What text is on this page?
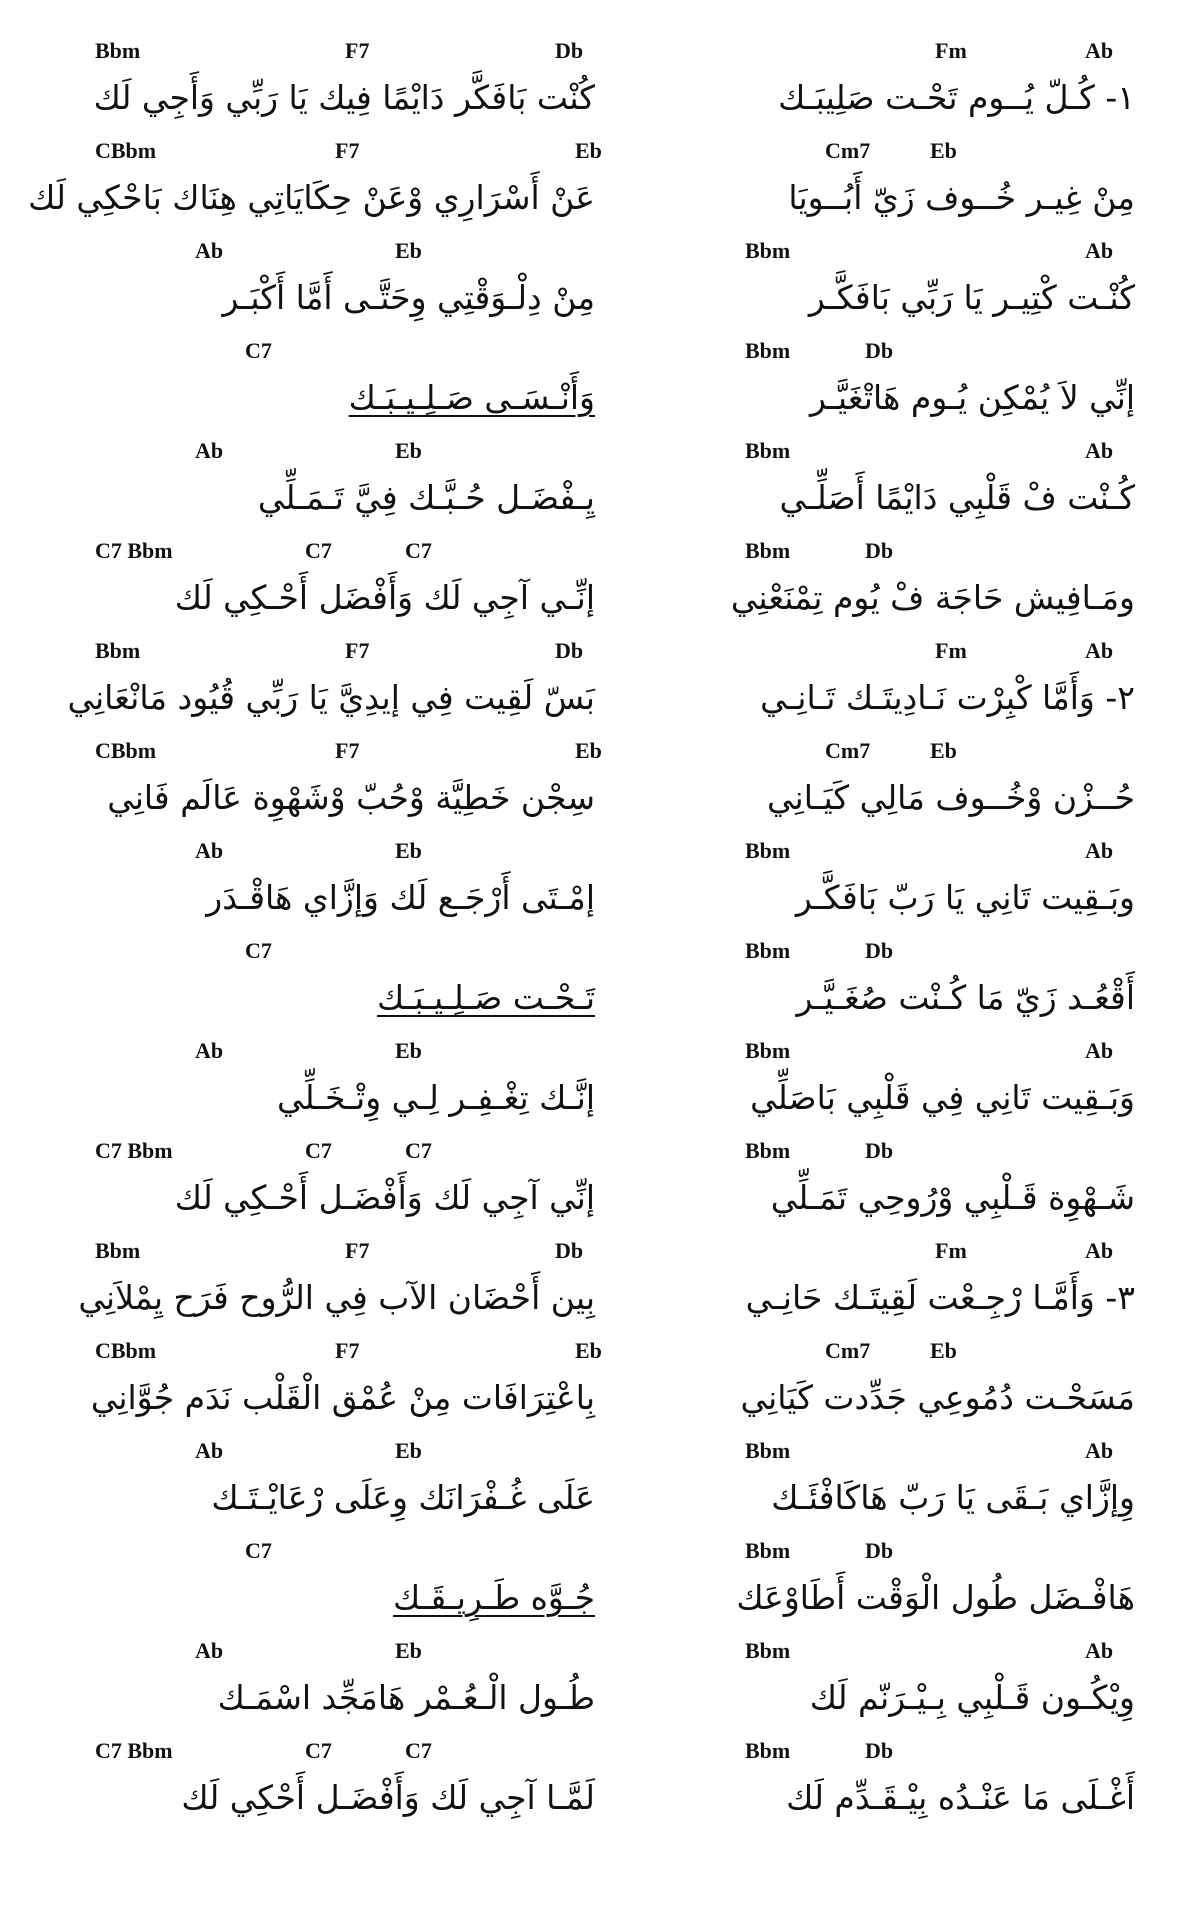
Fm	Ab
١- كُـلّ يُــوم تَحْـت صَلِيبَـك
Cm7	Eb
مِنْ غِيـر خُــوف زَيّ أَبُــويَا
Bbm	Ab
كُنْـت كْتِيـر يَا رَبِّي بَافَكَّـر
Bbm	Db
إنِّي لاَ يُمْكِن يُـوم هَاتْغَيَّـر
Bbm	Ab
كُـنْت فْ قَلْبِي دَايْمًا أَصَلِّـي
Bbm	Db
ومَـافِيش حَاجَة فْ يُوم تِمْنَعْنِي
Fm	Ab
٢- وَأَمَّا كْبِرْت نَـادِيتَـك تَـانِـي
Cm7	Eb
حُــزْن وْخُــوف مَالِي كَيَـانِي
Bbm	Ab
وبَـقِيت تَانِي يَا رَبّ بَافَكَّـر
Bbm	Db
أَقْعُـد زَيّ مَا كُـنْت صُغَـيَّـر
Bbm	Ab
وَبَـقِيت تَانِي فِي قَلْبِي بَاصَلِّي
Bbm	Db
شَـهْوِة قَـلْبِي وْرُوحِي تَمَـلِّي
Fm	Ab
٣- وَأَمَّـا رْجِـعْت لَقِيتَـك حَانِـي
Cm7	Eb
مَسَحْـت دُمُوعِي جَدِّدت كَيَانِي
Bbm	Ab
وِإزَّاي بَـقَى يَا رَبّ هَاكَافْئَـك
Bbm	Db
هَافْـضَل طُول الْوَقْت أَطَاوْعَك
Bbm	Ab
وِيْكُـون قَـلْبِي بِـيْـرَنّم لَك
Bbm	Db
أَغْـلَى مَا عَنْـدُه بِيْـقَـدِّم لَك
Bbm	F7	Db
كُنْت بَافَكَّر دَايْمًا فِيك يَا رَبِّي وَأَجِي لَك
CBbm	F7	Eb
عَنْ أَسْرَارِي وْعَنْ حِكَايَاتِي هِنَاك بَاحْكِي لَك
Ab	Eb
مِنْ دِلْـوَقْتِي وِحَتَّـى أَمَّا أَكْبَـر
C7
وَأَنْـسَـى صَـلِـيـبَـك
Ab	Eb
يِـفْضَـل حُـبَّـك فِيَّ تَـمَـلِّي
C7 Bbm	C7	C7
إنِّـي آجِي لَك وَأَفْضَل أَحْـكِي لَك
Bbm	F7	Db
بَسّ لَقِيت فِي إيدِيَّ يَا رَبِّي قُيُود مَانْعَانِي
CBbm	F7	Eb
سِجْن خَطِيَّة وْحُبّ وْشَهْوِة عَالَم فَانِي
Ab	Eb
إمْـتَى أَرْجَـع لَك وَإزَّاي هَاقْـدَر
C7
تَـحْـت صَـلِـيـبَـك
Ab	Eb
إنَّـك تِغْـفِـر لِـي وِتْـخَـلِّي
C7 Bbm	C7	C7
إنِّي آجِي لَك وَأَفْضَـل أَحْـكِي لَك
Bbm	F7	Db
بِين أَحْضَان الآب فِي الرُّوح فَرَح يِمْلاَنِي
CBbm	F7	Eb
بِاعْتِرَافَات مِنْ عُمْق الْقَلْب نَدَم جُوَّانِي
Ab	Eb
عَلَى غُـفْرَانَك وِعَلَى رْعَايْـتَـك
C7
جُـوَّه طَـرِيـقَـك
Ab	Eb
طُـول الْـعُـمْر هَامَجِّد اسْمَـك
C7 Bbm	C7	C7
لَمَّـا آجِي لَك وَأَفْضَـل أَحْكِي لَك
